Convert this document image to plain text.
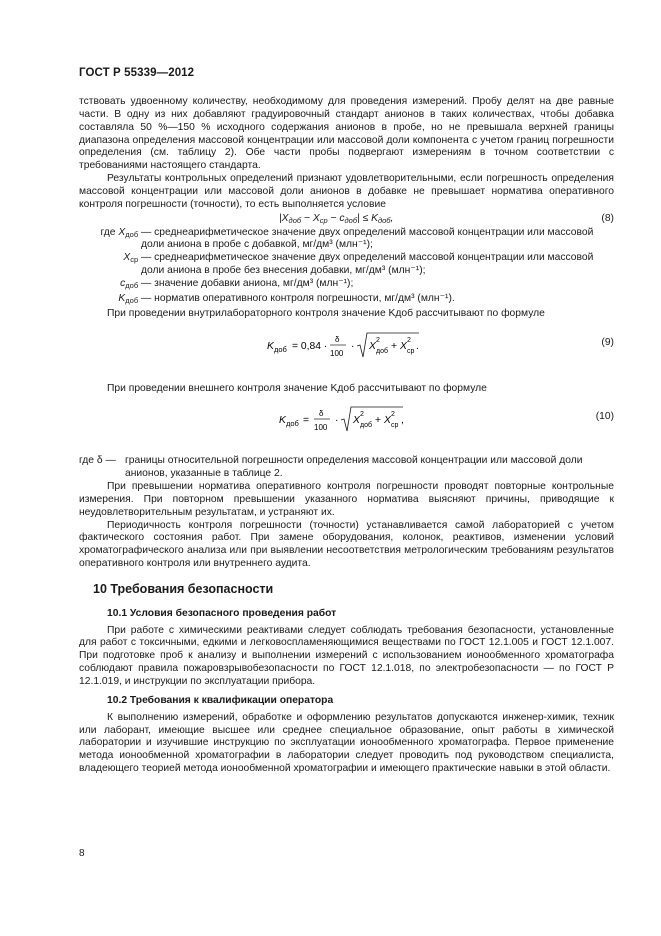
ГОСТ Р 55339—2012

тствовать удвоенному количеству, необходимому для проведения измерений. Пробу делят на две равные части. В одну из них добавляют градуировочный стандарт анионов в таких количествах, чтобы добавка составляла 50 %—150 % исходного содержания анионов в пробе, но не превышала верхней границы диапазона определения массовой концентрации или массовой доли компонента с учетом границ погрешности определения (см. таблицу 2). Обе части пробы подвергают измерениям в точном соответствии с требованиями настоящего стандарта.

Результаты контрольных определений признают удовлетворительными, если погрешность определения массовой концентрации или массовой доли анионов в добавке не превышает норматива оперативного контроля погрешности (точности), то есть выполняется условие

$|X_{доб} - X_{ср} - c_{доб}| \le K_{доб}$,	(8)
где $X_{доб}$ — среднеарифметическое значение двух определений массовой концентрации или массовой доли аниона в пробе с добавкой, мг/дм³ (млн⁻¹);
$X_{ср}$ — среднеарифметическое значение двух определений массовой концентрации или массовой доли аниона в пробе без внесения добавки, мг/дм³ (млн⁻¹);
$c_{доб}$ — значение добавки аниона, мг/дм³ (млн⁻¹);
$K_{доб}$ — норматив оперативного контроля погрешности, мг/дм³ (млн⁻¹).

При проведении внутрилабораторного контроля значение Kдоб рассчитывают по формуле

K доб = 0,84 ·
δ
100
· X
2
доб + X
2
ср .	(9)

При проведении внешнего контроля значение Kдоб рассчитывают по формуле

K доб =
δ
100
· X
2
доб + X
2
ср ,	(10)
где δ — границы относительной погрешности определения массовой концентрации или массовой доли анионов, указанные в таблице 2.

При превышении норматива оперативного контроля погрешности проводят повторные контрольные измерения. При повторном превышении указанного норматива выясняют причины, приводящие к неудовлетворительным результатам, и устраняют их.

Периодичность контроля погрешности (точности) устанавливается самой лабораторией с учетом фактического состояния работ. При замене оборудования, колонок, реактивов, изменении условий хроматографического анализа или при выявлении несоответствия метрологическим требованиям результатов оперативного контроля или внутреннего аудита.

10 Требования безопасности
10.1 Условия безопасного проведения работ

При работе с химическими реактивами следует соблюдать требования безопасности, установленные для работ с токсичными, едкими и легковоспламеняющимися веществами по ГОСТ 12.1.005 и ГОСТ 12.1.007. При подготовке проб к анализу и выполнении измерений с использованием ионообменного хроматографа соблюдают правила пожаровзрывобезопасности по ГОСТ 12.1.018, по электробезопасности — по ГОСТ Р 12.1.019, и инструкции по эксплуатации прибора.

10.2 Требования к квалификации оператора

К выполнению измерений, обработке и оформлению результатов допускаются инженер-химик, техник или лаборант, имеющие высшее или среднее специальное образование, опыт работы в химической лаборатории и изучившие инструкцию по эксплуатации ионообменного хроматографа. Первое применение метода ионообменной хроматографии в лаборатории следует проводить под руководством специалиста, владеющего теорией метода ионообменной хроматографии и имеющего практические навыки в этой области.

8
